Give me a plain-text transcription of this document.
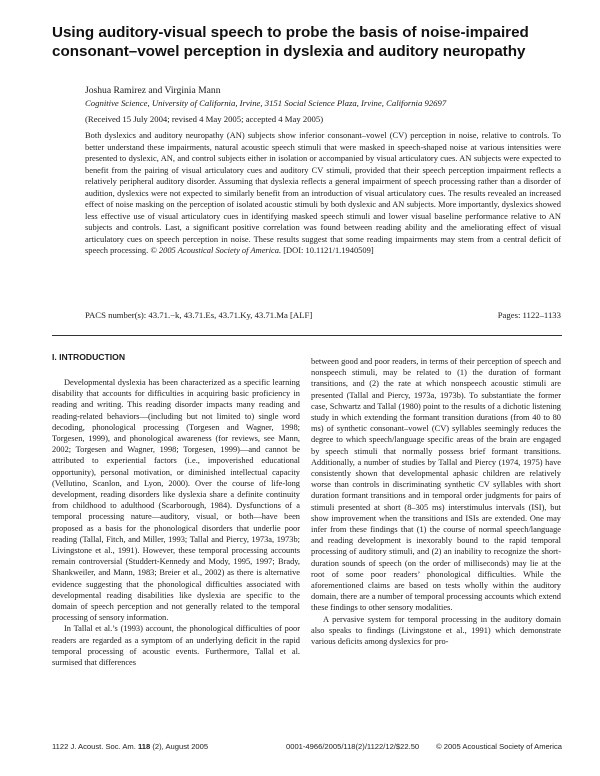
Using auditory-visual speech to probe the basis of noise-impaired consonant–vowel perception in dyslexia and auditory neuropathy
Joshua Ramirez and Virginia Mann
Cognitive Science, University of California, Irvine, 3151 Social Science Plaza, Irvine, California 92697
(Received 15 July 2004; revised 4 May 2005; accepted 4 May 2005)
Both dyslexics and auditory neuropathy (AN) subjects show inferior consonant–vowel (CV) perception in noise, relative to controls. To better understand these impairments, natural acoustic speech stimuli that were masked in speech-shaped noise at various intensities were presented to dyslexic, AN, and control subjects either in isolation or accompanied by visual articulatory cues. AN subjects were expected to benefit from the pairing of visual articulatory cues and auditory CV stimuli, provided that their speech perception impairment reflects a relatively peripheral auditory disorder. Assuming that dyslexia reflects a general impairment of speech processing rather than a disorder of audition, dyslexics were not expected to similarly benefit from an introduction of visual articulatory cues. The results revealed an increased effect of noise masking on the perception of isolated acoustic stimuli by both dyslexic and AN subjects. More importantly, dyslexics showed less effective use of visual articulatory cues in identifying masked speech stimuli and lower visual baseline performance relative to AN subjects and controls. Last, a significant positive correlation was found between reading ability and the ameliorating effect of visual articulatory cues on speech perception in noise. These results suggest that some reading impairments may stem from a central deficit of speech processing. © 2005 Acoustical Society of America. [DOI: 10.1121/1.1940509]
PACS number(s): 43.71.−k, 43.71.Es, 43.71.Ky, 43.71.Ma [ALF]	Pages: 1122–1133
I. INTRODUCTION

Developmental dyslexia has been characterized as a specific learning disability that accounts for difficulties in acquiring basic proficiency in reading and writing. This reading disorder impacts many reading and reading-related behaviors—(including but not limited to) single word decoding, phonological processing (Torgesen and Wagner, 1998; Torgesen, 1999), and phonological awareness (for reviews, see Mann, 2002; Torgesen and Wagner, 1998; Torgesen, 1999)—and cannot be attributed to experiential factors (i.e., impoverished educational opportunity), personal motivation, or diminished intellectual capacity (Vellutino, Scanlon, and Lyon, 2000). Over the course of life-long development, reading disorders like dyslexia share a definite continuity from childhood to adulthood (Scarborough, 1984). Dysfunctions of a temporal processing nature—auditory, visual, or both—have been proposed as a basis for the phonological disorders that underlie poor reading (Tallal, Fitch, and Miller, 1993; Tallal and Piercy, 1973a, 1973b; Livingstone et al., 1991). However, these temporal processing accounts remain controversial (Studdert-Kennedy and Mody, 1995, 1997; Brady, Shankweiler, and Mann, 1983; Breier et al., 2002) as there is alternative evidence suggesting that the phonological difficulties associated with developmental reading disabilities like dyslexia are specific to the domain of speech perception and not generally related to the temporal processing of sensory information.

In Tallal et al.’s (1993) account, the phonological difficulties of poor readers are regarded as a symptom of an underlying deficit in the rapid temporal processing of acoustic events. Furthermore, Tallal et al. surmised that differences

between good and poor readers, in terms of their perception of speech and nonspeech stimuli, may be related to (1) the duration of formant transitions, and (2) the rate at which nonspeech acoustic stimuli are presented (Tallal and Piercy, 1973a, 1973b). To substantiate the former case, Schwartz and Tallal (1980) point to the results of a dichotic listening study in which extending the formant transition durations (from 40 to 80 ms) of synthetic consonant–vowel (CV) syllables seemingly reduces the degree to which speech/language specific areas of the brain are engaged by speech stimuli that normally possess brief formant transitions. Additionally, a number of studies by Tallal and Piercy (1974, 1975) have consistently shown that developmental aphasic children are relatively worse than controls in discriminating synthetic CV syllables with short duration formant transitions and in temporal order judgments for pairs of stimuli presented at short (8–305 ms) interstimulus intervals (ISI), but show improvement when the transitions and ISIs are extended. One may infer from these findings that (1) the course of normal speech/language and reading development is inexorably bound to the rapid temporal processing of auditory stimuli, and (2) an inability to recognize the short-duration sounds of speech (on the order of milliseconds) may lie at the root of some poor readers’ phonological difficulties. While the aforementioned claims are based on tests wholly within the auditory domain, there are a number of temporal processing accounts which extend these findings to other sensory modalities.

A pervasive system for temporal processing in the auditory domain also speaks to findings (Livingstone et al., 1991) which demonstrate various deficits among dyslexics for pro-

1122 J. Acoust. Soc. Am. 118 (2), August 2005	0001-4966/2005/118(2)/1122/12/$22.50 © 2005 Acoustical Society of America
